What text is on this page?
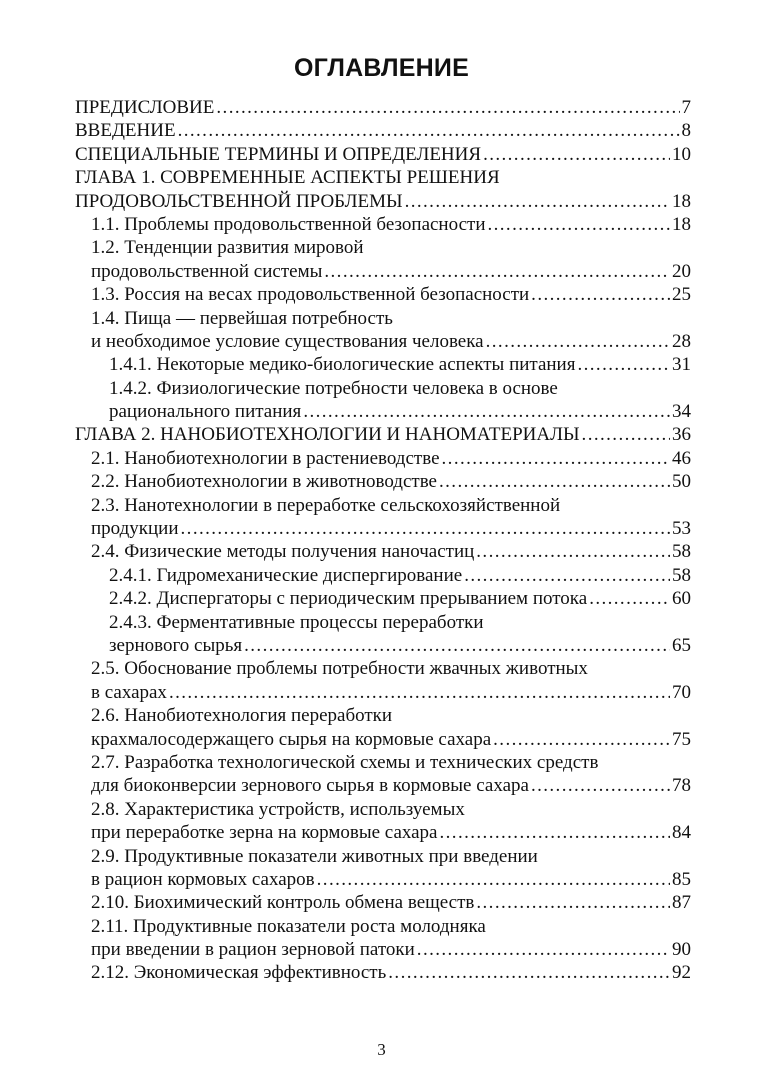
ОГЛАВЛЕНИЕ
ПРЕДИСЛОВИЕ .....	7
ВВЕДЕНИЕ .....	8
СПЕЦИАЛЬНЫЕ ТЕРМИНЫ И ОПРЕДЕЛЕНИЯ .....	10
ГЛАВА 1. СОВРЕМЕННЫЕ АСПЕКТЫ РЕШЕНИЯ
ПРОДОВОЛЬСТВЕННОЙ ПРОБЛЕМЫ .....	18
1.1. Проблемы продовольственной безопасности .....	18
1.2. Тенденции развития мировой
продовольственной системы .....	20
1.3. Россия на весах продовольственной безопасности .....	25
1.4. Пища — первейшая потребность
и необходимое условие существования человека .....	28
1.4.1. Некоторые медико-биологические аспекты питания .....	31
1.4.2. Физиологические потребности человека в основе
рационального питания .....	34
ГЛАВА 2. НАНОБИОТЕХНОЛОГИИ И НАНОМАТЕРИАЛЫ .....	36
2.1. Нанобиотехнологии в растениеводстве .....	46
2.2. Нанобиотехнологии в животноводстве .....	50
2.3. Нанотехнологии в переработке сельскохозяйственной
продукции .....	53
2.4. Физические методы получения наночастиц .....	58
2.4.1. Гидромеханические диспергирование .....	58
2.4.2. Диспергаторы с периодическим прерыванием потока .....	60
2.4.3. Ферментативные процессы переработки
зернового сырья .....	65
2.5. Обоснование проблемы потребности жвачных животных
в сахарах .....	70
2.6. Нанобиотехнология переработки
крахмалосодержащего сырья на кормовые сахара .....	75
2.7. Разработка технологической схемы и технических средств
для биоконверсии зернового сырья в кормовые сахара .....	78
2.8. Характеристика устройств, используемых
при переработке зерна на кормовые сахара .....	84
2.9. Продуктивные показатели животных при введении
в рацион кормовых сахаров .....	85
2.10. Биохимический контроль обмена веществ .....	87
2.11. Продуктивные показатели роста молодняка
при введении в рацион зерновой патоки .....	90
2.12. Экономическая эффективность .....	92
3
